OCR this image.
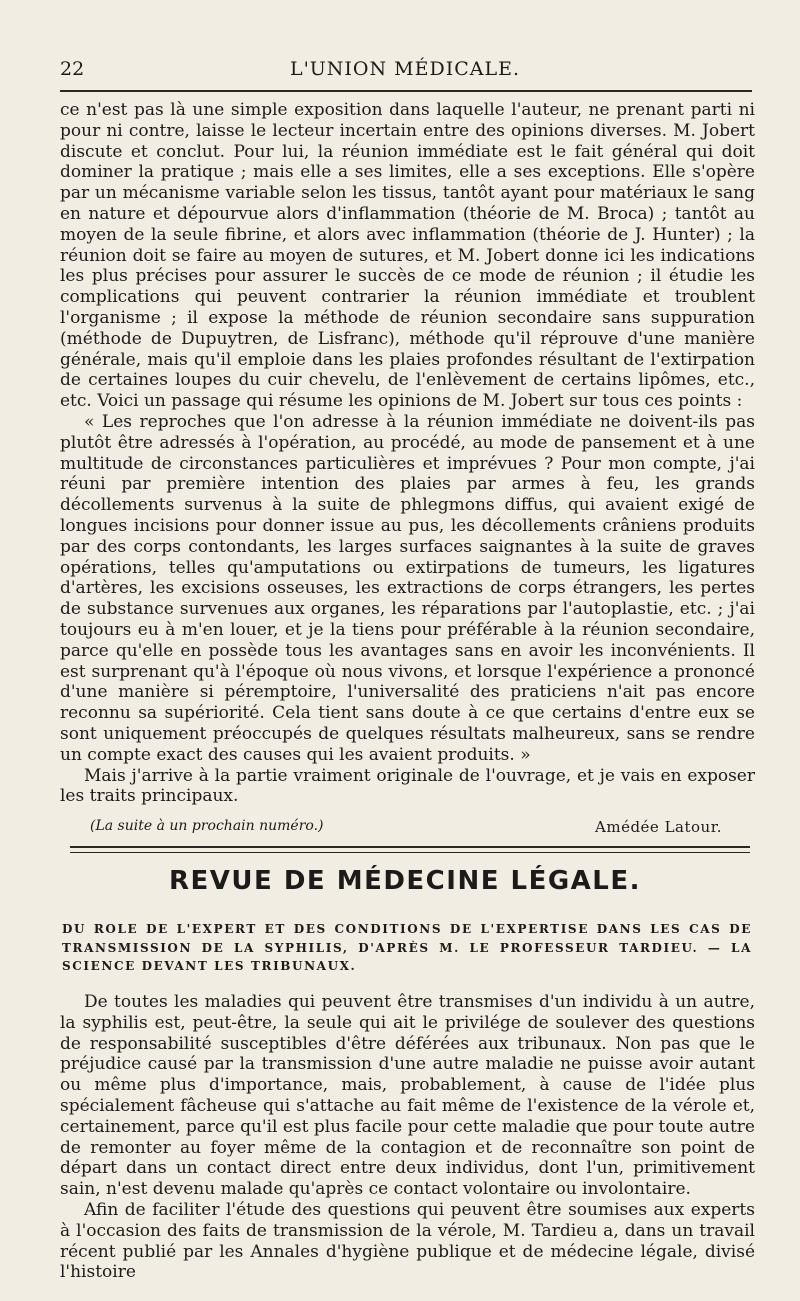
22	L'UNION MÉDICALE.

ce n'est pas là une simple exposition dans laquelle l'auteur, ne prenant parti ni pour ni contre, laisse le lecteur incertain entre des opinions diverses. M. Jobert discute et conclut. Pour lui, la réunion immédiate est le fait général qui doit dominer la pratique ; mais elle a ses limites, elle a ses exceptions. Elle s'opère par un mécanisme variable selon les tissus, tantôt ayant pour matériaux le sang en nature et dépourvue alors d'inflammation (théorie de M. Broca) ; tantôt au moyen de la seule fibrine, et alors avec inflammation (théorie de J. Hunter) ; la réunion doit se faire au moyen de sutures, et M. Jobert donne ici les indications les plus précises pour assurer le succès de ce mode de réunion ; il étudie les complications qui peuvent contrarier la réunion immédiate et troublent l'organisme ; il expose la méthode de réunion secondaire sans suppuration (méthode de Dupuytren, de Lisfranc), méthode qu'il réprouve d'une manière générale, mais qu'il emploie dans les plaies profondes résultant de l'extirpation de certaines loupes du cuir chevelu, de l'enlèvement de certains lipômes, etc., etc. Voici un passage qui résume les opinions de M. Jobert sur tous ces points :

« Les reproches que l'on adresse à la réunion immédiate ne doivent-ils pas plutôt être adressés à l'opération, au procédé, au mode de pansement et à une multitude de circonstances particulières et imprévues ? Pour mon compte, j'ai réuni par première intention des plaies par armes à feu, les grands décollements survenus à la suite de phlegmons diffus, qui avaient exigé de longues incisions pour donner issue au pus, les décollements crâniens produits par des corps contondants, les larges surfaces saignantes à la suite de graves opérations, telles qu'amputations ou extirpations de tumeurs, les ligatures d'artères, les excisions osseuses, les extractions de corps étrangers, les pertes de substance survenues aux organes, les réparations par l'autoplastie, etc. ; j'ai toujours eu à m'en louer, et je la tiens pour préférable à la réunion secondaire, parce qu'elle en possède tous les avantages sans en avoir les inconvénients. Il est surprenant qu'à l'époque où nous vivons, et lorsque l'expérience a prononcé d'une manière si péremptoire, l'universalité des praticiens n'ait pas encore reconnu sa supériorité. Cela tient sans doute à ce que certains d'entre eux se sont uniquement préoccupés de quelques résultats malheureux, sans se rendre un compte exact des causes qui les avaient produits. »

Mais j'arrive à la partie vraiment originale de l'ouvrage, et je vais en exposer les traits principaux.

(La suite à un prochain numéro.)	Amédée Latour.
REVUE DE MÉDECINE LÉGALE.
DU ROLE DE L'EXPERT ET DES CONDITIONS DE L'EXPERTISE DANS LES CAS DE TRANSMISSION DE LA SYPHILIS, D'APRÈS M. LE PROFESSEUR TARDIEU. — LA SCIENCE DEVANT LES TRIBUNAUX.

De toutes les maladies qui peuvent être transmises d'un individu à un autre, la syphilis est, peut-être, la seule qui ait le privilége de soulever des questions de responsabilité susceptibles d'être déférées aux tribunaux. Non pas que le préjudice causé par la transmission d'une autre maladie ne puisse avoir autant ou même plus d'importance, mais, probablement, à cause de l'idée plus spécialement fâcheuse qui s'attache au fait même de l'existence de la vérole et, certainement, parce qu'il est plus facile pour cette maladie que pour toute autre de remonter au foyer même de la contagion et de reconnaître son point de départ dans un contact direct entre deux individus, dont l'un, primitivement sain, n'est devenu malade qu'après ce contact volontaire ou involontaire.

Afin de faciliter l'étude des questions qui peuvent être soumises aux experts à l'occasion des faits de transmission de la vérole, M. Tardieu a, dans un travail récent publié par les Annales d'hygiène publique et de médecine légale, divisé l'histoire
